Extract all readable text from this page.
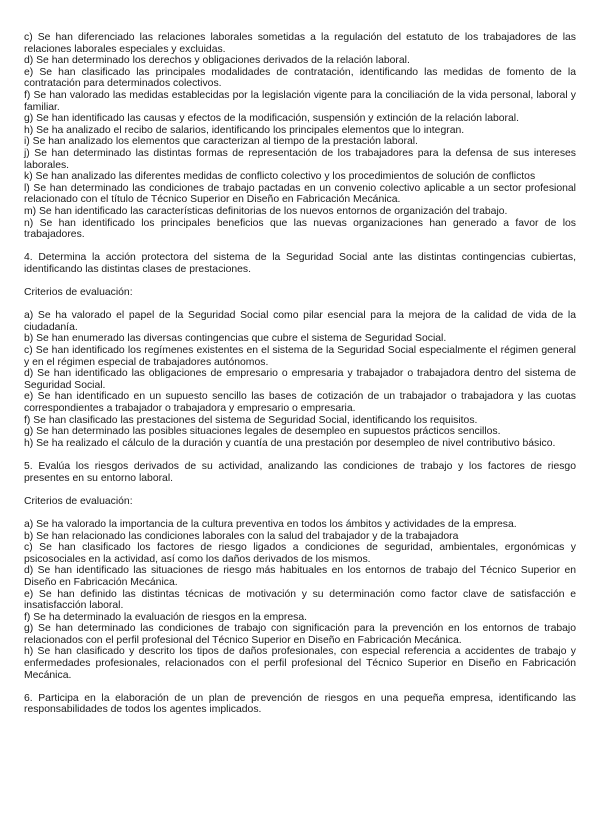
c) Se han diferenciado las relaciones laborales sometidas a la regulación del estatuto de los trabajadores de las relaciones laborales especiales y excluidas.

d) Se han determinado los derechos y obligaciones derivados de la relación laboral.

e) Se han clasificado las principales modalidades de contratación, identificando las medidas de fomento de la contratación para determinados colectivos.

f) Se han valorado las medidas establecidas por la legislación vigente para la conciliación de la vida personal, laboral y familiar.

g) Se han identificado las causas y efectos de la modificación, suspensión y extinción de la relación laboral.

h) Se ha analizado el recibo de salarios, identificando los principales elementos que lo integran.

i) Se han analizado los elementos que caracterizan al tiempo de la prestación laboral.

j) Se han determinado las distintas formas de representación de los trabajadores para la defensa de sus intereses laborales.

k) Se han analizado las diferentes medidas de conflicto colectivo y los procedimientos de solución de conflictos

l) Se han determinado las condiciones de trabajo pactadas en un convenio colectivo aplicable a un sector profesional relacionado con el título de Técnico Superior en Diseño en Fabricación Mecánica.

m) Se han identificado las características definitorias de los nuevos entornos de organización del trabajo.

n) Se han identificado los principales beneficios que las nuevas organizaciones han generado a favor de los trabajadores.

4. Determina la acción protectora del sistema de la Seguridad Social ante las distintas contingencias cubiertas, identificando las distintas clases de prestaciones.

Criterios de evaluación:

a) Se ha valorado el papel de la Seguridad Social como pilar esencial para la mejora de la calidad de vida de la ciudadanía.

b) Se han enumerado las diversas contingencias que cubre el sistema de Seguridad Social.

c) Se han identificado los regímenes existentes en el sistema de la Seguridad Social especialmente el régimen general y en el régimen especial de trabajadores autónomos.

d) Se han identificado las obligaciones de empresario o empresaria y trabajador o trabajadora dentro del sistema de Seguridad Social.

e) Se han identificado en un supuesto sencillo las bases de cotización de un trabajador o trabajadora y las cuotas correspondientes a trabajador o trabajadora y empresario o empresaria.

f) Se han clasificado las prestaciones del sistema de Seguridad Social, identificando los requisitos.

g) Se han determinado las posibles situaciones legales de desempleo en supuestos prácticos sencillos.

h) Se ha realizado el cálculo de la duración y cuantía de una prestación por desempleo de nivel contributivo básico.

5. Evalúa los riesgos derivados de su actividad, analizando las condiciones de trabajo y los factores de riesgo presentes en su entorno laboral.

Criterios de evaluación:

a) Se ha valorado la importancia de la cultura preventiva en todos los ámbitos y actividades de la empresa.

b) Se han relacionado las condiciones laborales con la salud del trabajador y de la trabajadora

c) Se han clasificado los factores de riesgo ligados a condiciones de seguridad, ambientales, ergonómicas y psicosociales en la actividad, así como los daños derivados de los mismos.

d) Se han identificado las situaciones de riesgo más habituales en los entornos de trabajo del Técnico Superior en Diseño en Fabricación Mecánica.

e) Se han definido las distintas técnicas de motivación y su determinación como factor clave de satisfacción e insatisfacción laboral.

f) Se ha determinado la evaluación de riesgos en la empresa.

g) Se han determinado las condiciones de trabajo con significación para la prevención en los entornos de trabajo relacionados con el perfil profesional del Técnico Superior en Diseño en Fabricación Mecánica.

h) Se han clasificado y descrito los tipos de daños profesionales, con especial referencia a accidentes de trabajo y enfermedades profesionales, relacionados con el perfil profesional del Técnico Superior en Diseño en Fabricación Mecánica.

6. Participa en la elaboración de un plan de prevención de riesgos en una pequeña empresa, identificando las responsabilidades de todos los agentes implicados.
